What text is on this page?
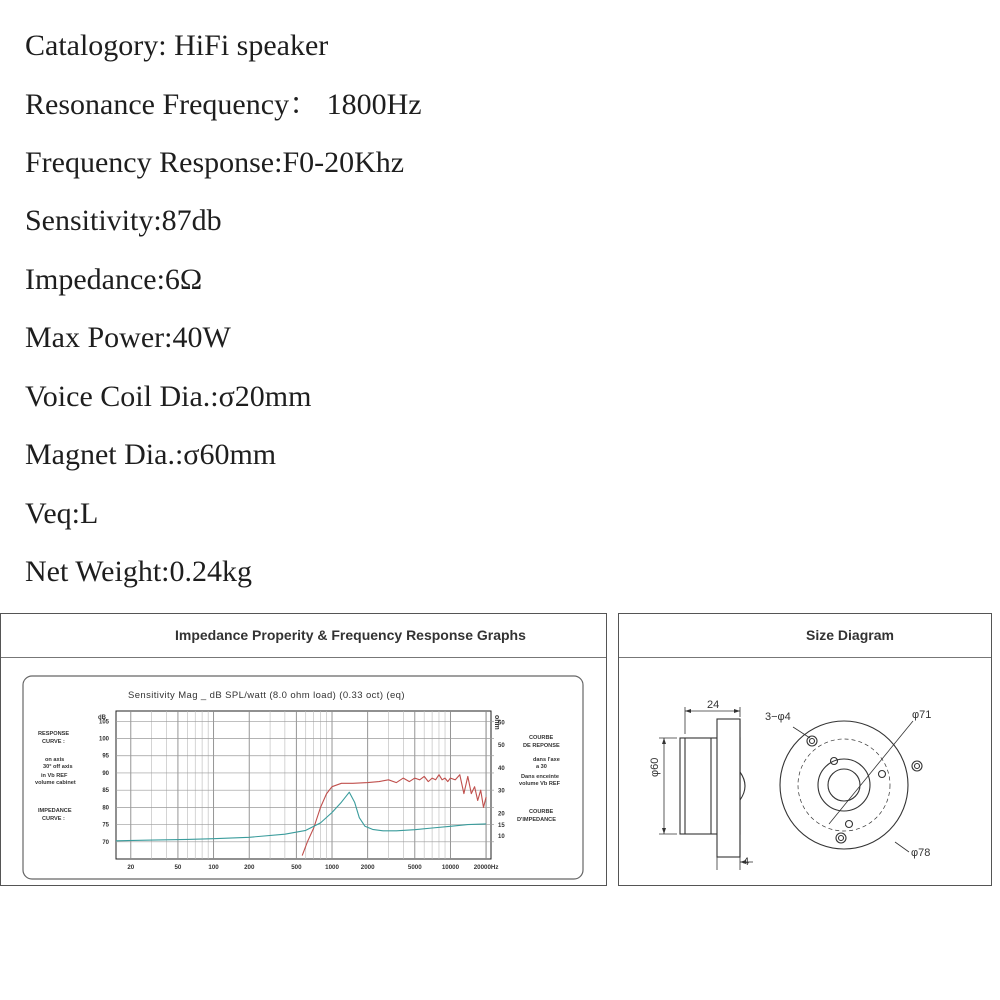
Catalogory: HiFi speaker
Resonance Frequency： 1800Hz
Frequency Response:F0-20Khz
Sensitivity:87db
Impedance:6Ω
Max Power:40W
Voice Coil Dia.:σ20mm
Magnet Dia.:σ60mm
Veq:L
Net Weight:0.24kg
Impedance Properity & Frequency Response Graphs
Sensitivity Mag _ dB SPL/watt (8.0 ohm load) (0.33 oct) (eq)
RESPONSE
CURVE :
on axis
30° off axis
in Vb REF
volume cabinet
IMPEDANCE
CURVE :
COURBE
DE REPONSE
dans l'axe
a 30
Dans enceinte
volume Vb REF
COURBE
D'IMPEDANCE
20	50	100	200	500	1000	2000	5000	10000 20000Hz
70
75
80
85
90
95
100
105
10
15
20
30
40
50
60
dB	ohm
Size Diagram
24
3−φ4	φ71
φ60
4
φ78
